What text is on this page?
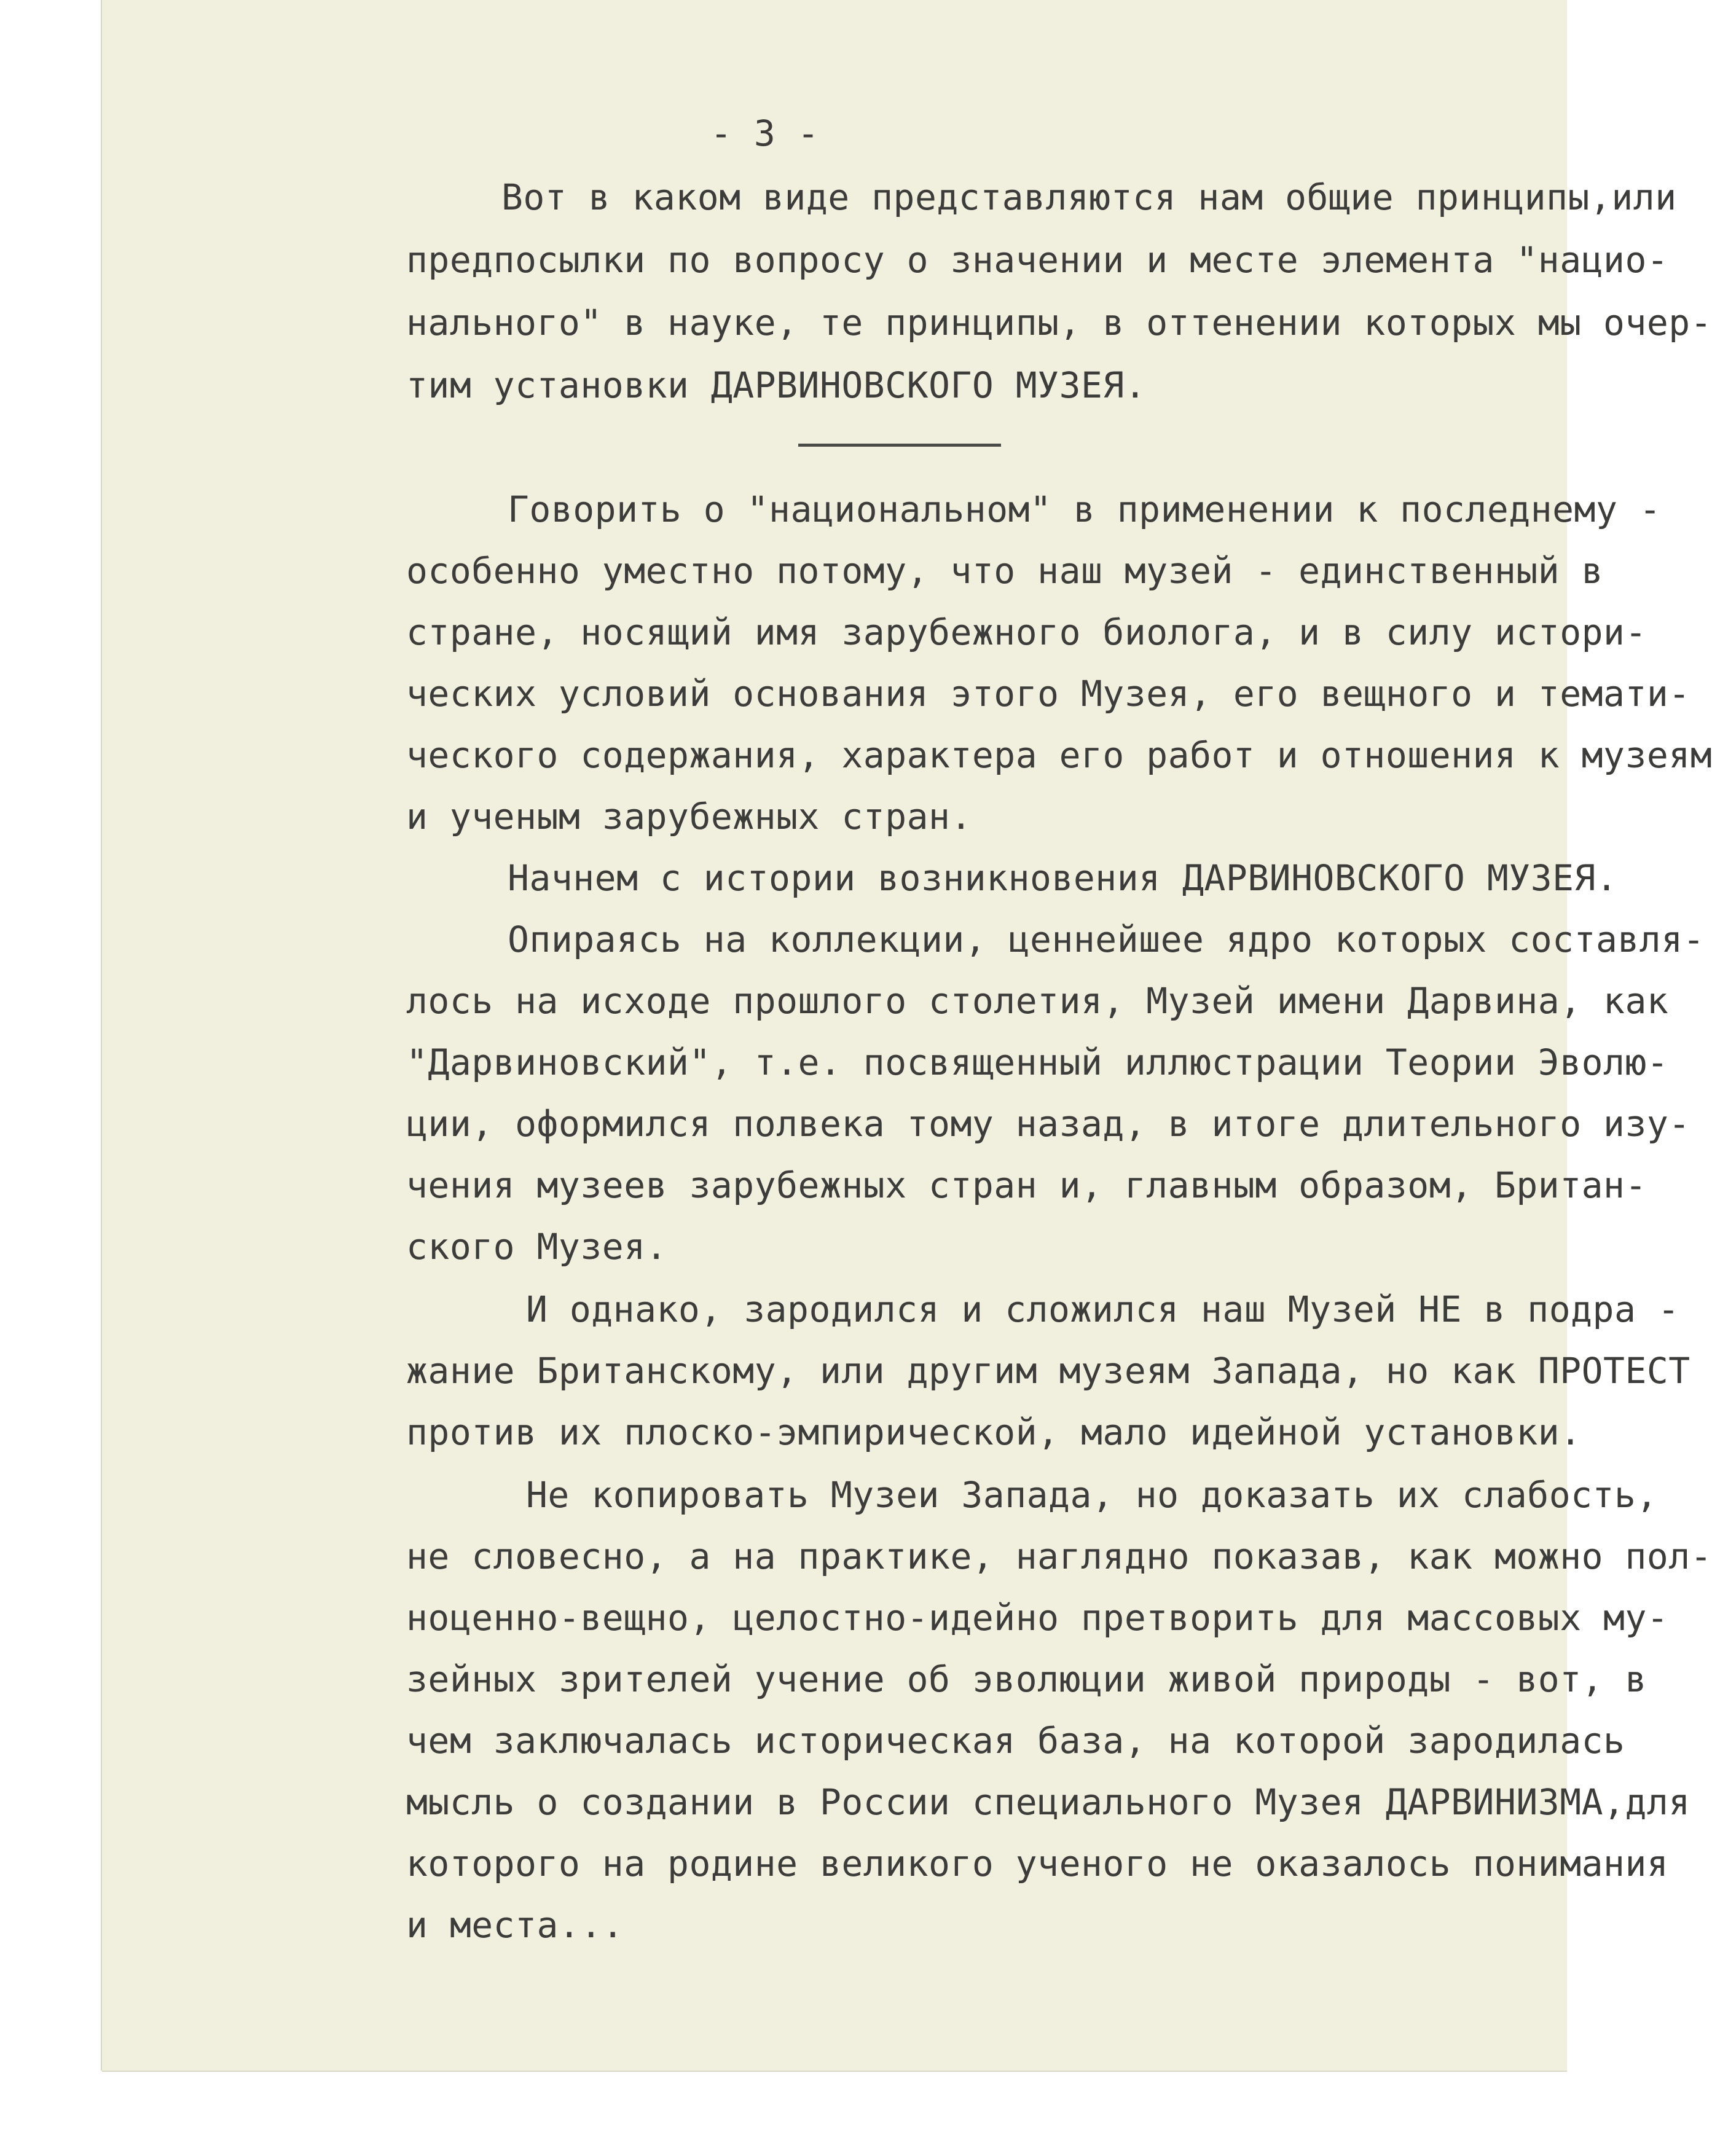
- 3 -
Вот в каком виде представляются нам общие принципы,или
предпосылки по вопросу о значении и месте элемента "нацио-
нального" в науке, те принципы, в оттенении которых мы очер-
тим установки ДАРВИНОВСКОГО МУЗЕЯ.
Говорить о "национальном" в применении к последнему -
особенно уместно потому, что наш музей - единственный в
стране, носящий имя зарубежного биолога, и в силу истори-
ческих условий основания этого Музея, его вещного и темати-
ческого содержания, характера его работ и отношения к музеям
и ученым зарубежных стран.
Начнем с истории возникновения ДАРВИНОВСКОГО МУЗЕЯ.
Опираясь на коллекции, ценнейшее ядро которых составля-
лось на исходе прошлого столетия, Музей имени Дарвина, как
"Дарвиновский", т.е. посвященный иллюстрации Теории Эволю-
ции, оформился полвека тому назад, в итоге длительного изу-
чения музеев зарубежных стран и, главным образом, Британ-
ского Музея.
И однако, зародился и сложился наш Музей НЕ в подра -
жание Британскому, или другим музеям Запада, но как ПРОТЕСТ
против их плоско-эмпирической, мало идейной установки.
Не копировать Музеи Запада, но доказать их слабость,
не словесно, а на практике, наглядно показав, как можно пол-
ноценно-вещно, целостно-идейно претворить для массовых му-
зейных зрителей учение об эволюции живой природы - вот, в
чем заключалась историческая база, на которой зародилась
мысль о создании в России специального Музея ДАРВИНИЗМА,для
которого на родине великого ученого не оказалось понимания
и места...
